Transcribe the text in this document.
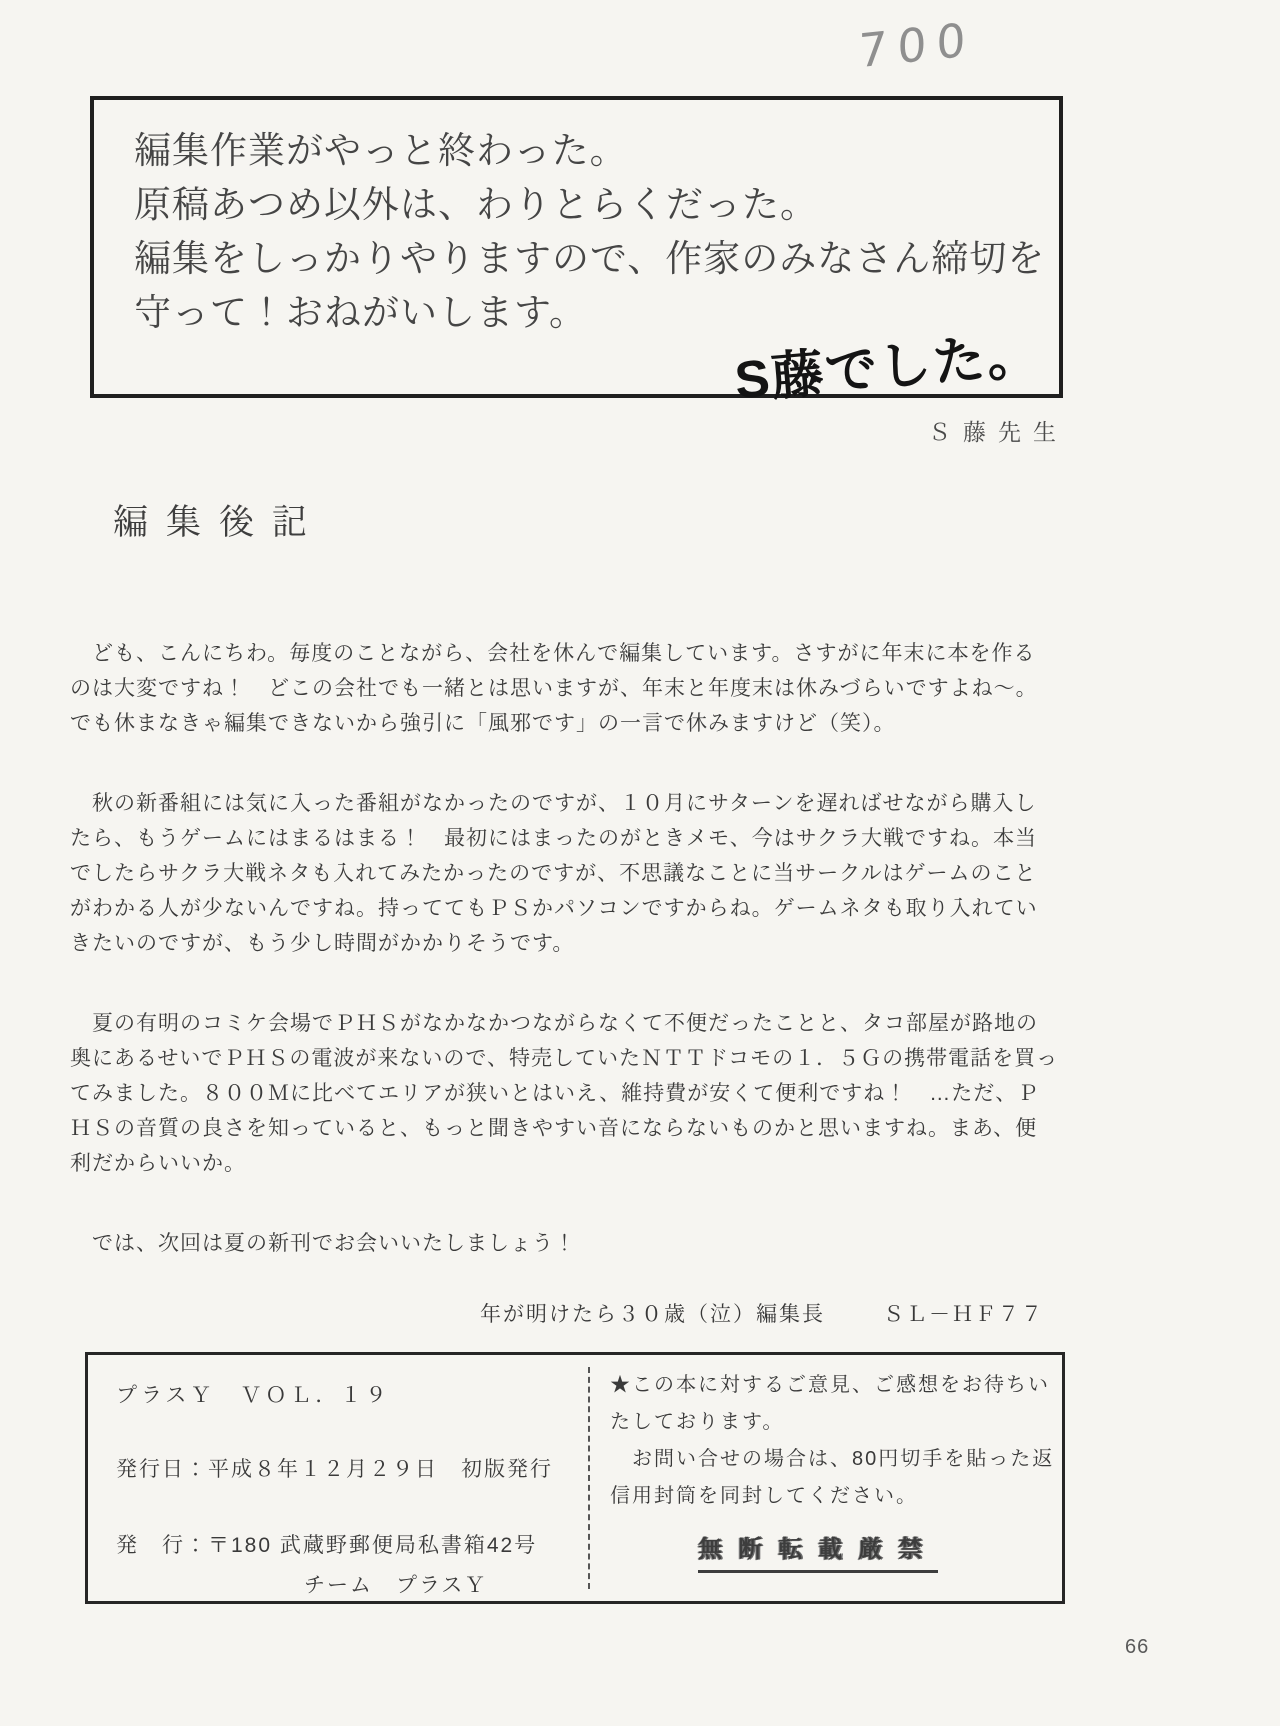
700
編集作業がやっと終わった。
原稿あつめ以外は、わりとらくだった。
編集をしっかりやりますので、作家のみなさん締切を
守って！おねがいします。
S藤でした。
Ｓ藤先生
編集後記
　ども、こんにちわ。毎度のことながら、会社を休んで編集しています。さすがに年末に本を作る
のは大変ですね！　どこの会社でも一緒とは思いますが、年末と年度末は休みづらいですよね～。
でも休まなきゃ編集できないから強引に「風邪です」の一言で休みますけど（笑）。
　秋の新番組には気に入った番組がなかったのですが、１０月にサターンを遅ればせながら購入し
たら、もうゲームにはまるはまる！　最初にはまったのがときメモ、今はサクラ大戦ですね。本当
でしたらサクラ大戦ネタも入れてみたかったのですが、不思議なことに当サークルはゲームのこと
がわかる人が少ないんですね。持っててもＰＳかパソコンですからね。ゲームネタも取り入れてい
きたいのですが、もう少し時間がかかりそうです。
　夏の有明のコミケ会場でＰＨＳがなかなかつながらなくて不便だったことと、タコ部屋が路地の
奥にあるせいでＰＨＳの電波が来ないので、特売していたＮＴＴドコモの１．５Ｇの携帯電話を買っ
てみました。８００Ｍに比べてエリアが狭いとはいえ、維持費が安くて便利ですね！　…ただ、Ｐ
ＨＳの音質の良さを知っていると、もっと聞きやすい音にならないものかと思いますね。まあ、便
利だからいいか。
　では、次回は夏の新刊でお会いいたしましょう！
年が明けたら３０歳（泣）編集長	ＳＬ－ＨＦ７７
プラスＹ　ＶＯＬ．１９
発行日：平成８年１２月２９日　初版発行
発　行：〒180 武蔵野郵便局私書箱42号
チーム　プラスＹ
★この本に対するご意見、ご感想をお待ちい
たしております。
　お問い合せの場合は、80円切手を貼った返
信用封筒を同封してください。
無断転載厳禁
66
